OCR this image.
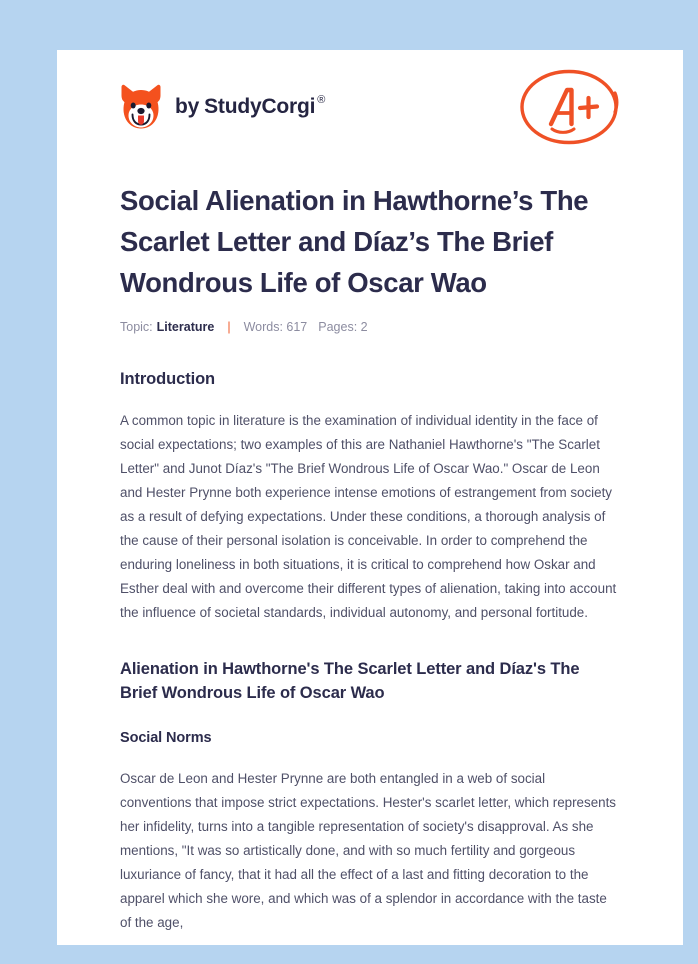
by StudyCorgi ®
Social Alienation in Hawthorne’s The Scarlet Letter and Díaz’s The Brief Wondrous Life of Oscar Wao
Topic: Literature | Words: 617 Pages: 2
Introduction

A common topic in literature is the examination of individual identity in the face of social expectations; two examples of this are Nathaniel Hawthorne's "The Scarlet Letter" and Junot Díaz's "The Brief Wondrous Life of Oscar Wao." Oscar de Leon and Hester Prynne both experience intense emotions of estrangement from society as a result of defying expectations. Under these conditions, a thorough analysis of the cause of their personal isolation is conceivable. In order to comprehend the enduring loneliness in both situations, it is critical to comprehend how Oskar and Esther deal with and overcome their different types of alienation, taking into account the influence of societal standards, individual autonomy, and personal fortitude.

Alienation in Hawthorne's The Scarlet Letter and Díaz's The Brief Wondrous Life of Oscar Wao
Social Norms

Oscar de Leon and Hester Prynne are both entangled in a web of social conventions that impose strict expectations. Hester's scarlet letter, which represents her infidelity, turns into a tangible representation of society's disapproval. As she mentions, "It was so artistically done, and with so much fertility and gorgeous luxuriance of fancy, that it had all the effect of a last and fitting decoration to the apparel which she wore, and which was of a splendor in accordance with the taste of the age,
